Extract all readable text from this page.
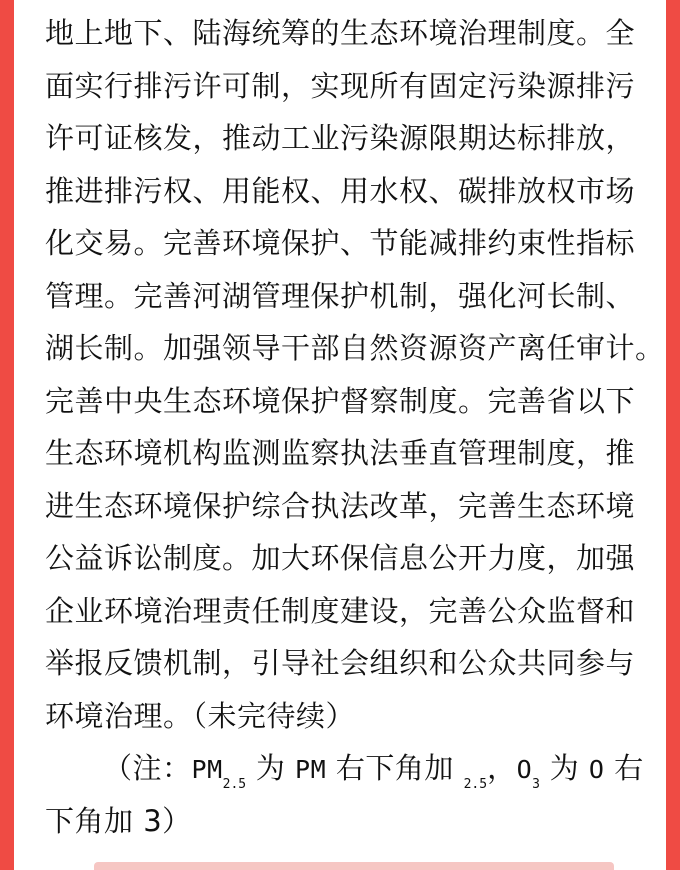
地上地下、陆海统筹的生态环境治理制度。全
面实行排污许可制，实现所有固定污染源排污
许可证核发，推动工业污染源限期达标排放，
推进排污权、用能权、用水权、碳排放权市场
化交易。完善环境保护、节能减排约束性指标
管理。完善河湖管理保护机制，强化河长制、
湖长制。加强领导干部自然资源资产离任审计。
完善中央生态环境保护督察制度。完善省以下
生态环境机构监测监察执法垂直管理制度，推
进生态环境保护综合执法改革，完善生态环境
公益诉讼制度。加大环保信息公开力度，加强
企业环境治理责任制度建设，完善公众监督和
举报反馈机制，引导社会组织和公众共同参与
环境治理。（未完待续）
（注：$PM_{2.5}$ 为 PM 右下角加 $_{2.5}$，$O_3$ 为 O 右
下角加 3）
